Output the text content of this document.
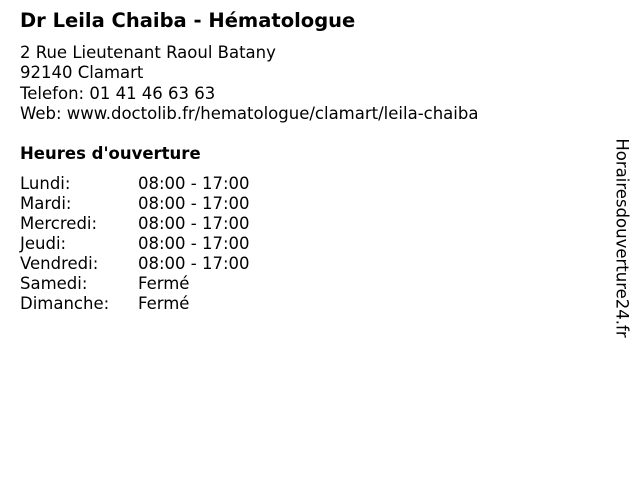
Dr Leila Chaiba - Hématologue
2 Rue Lieutenant Raoul Batany
92140 Clamart
Telefon: 01 41 46 63 63
Web: www.doctolib.fr/hematologue/clamart/leila-chaiba
Heures d'ouverture
Lundi:	08:00 - 17:00
Mardi:	08:00 - 17:00
Mercredi: 08:00 - 17:00
Jeudi:	08:00 - 17:00
Vendredi: 08:00 - 17:00
Samedi:	Fermé
Dimanche: Fermé	Horairesdouverture24.fr
